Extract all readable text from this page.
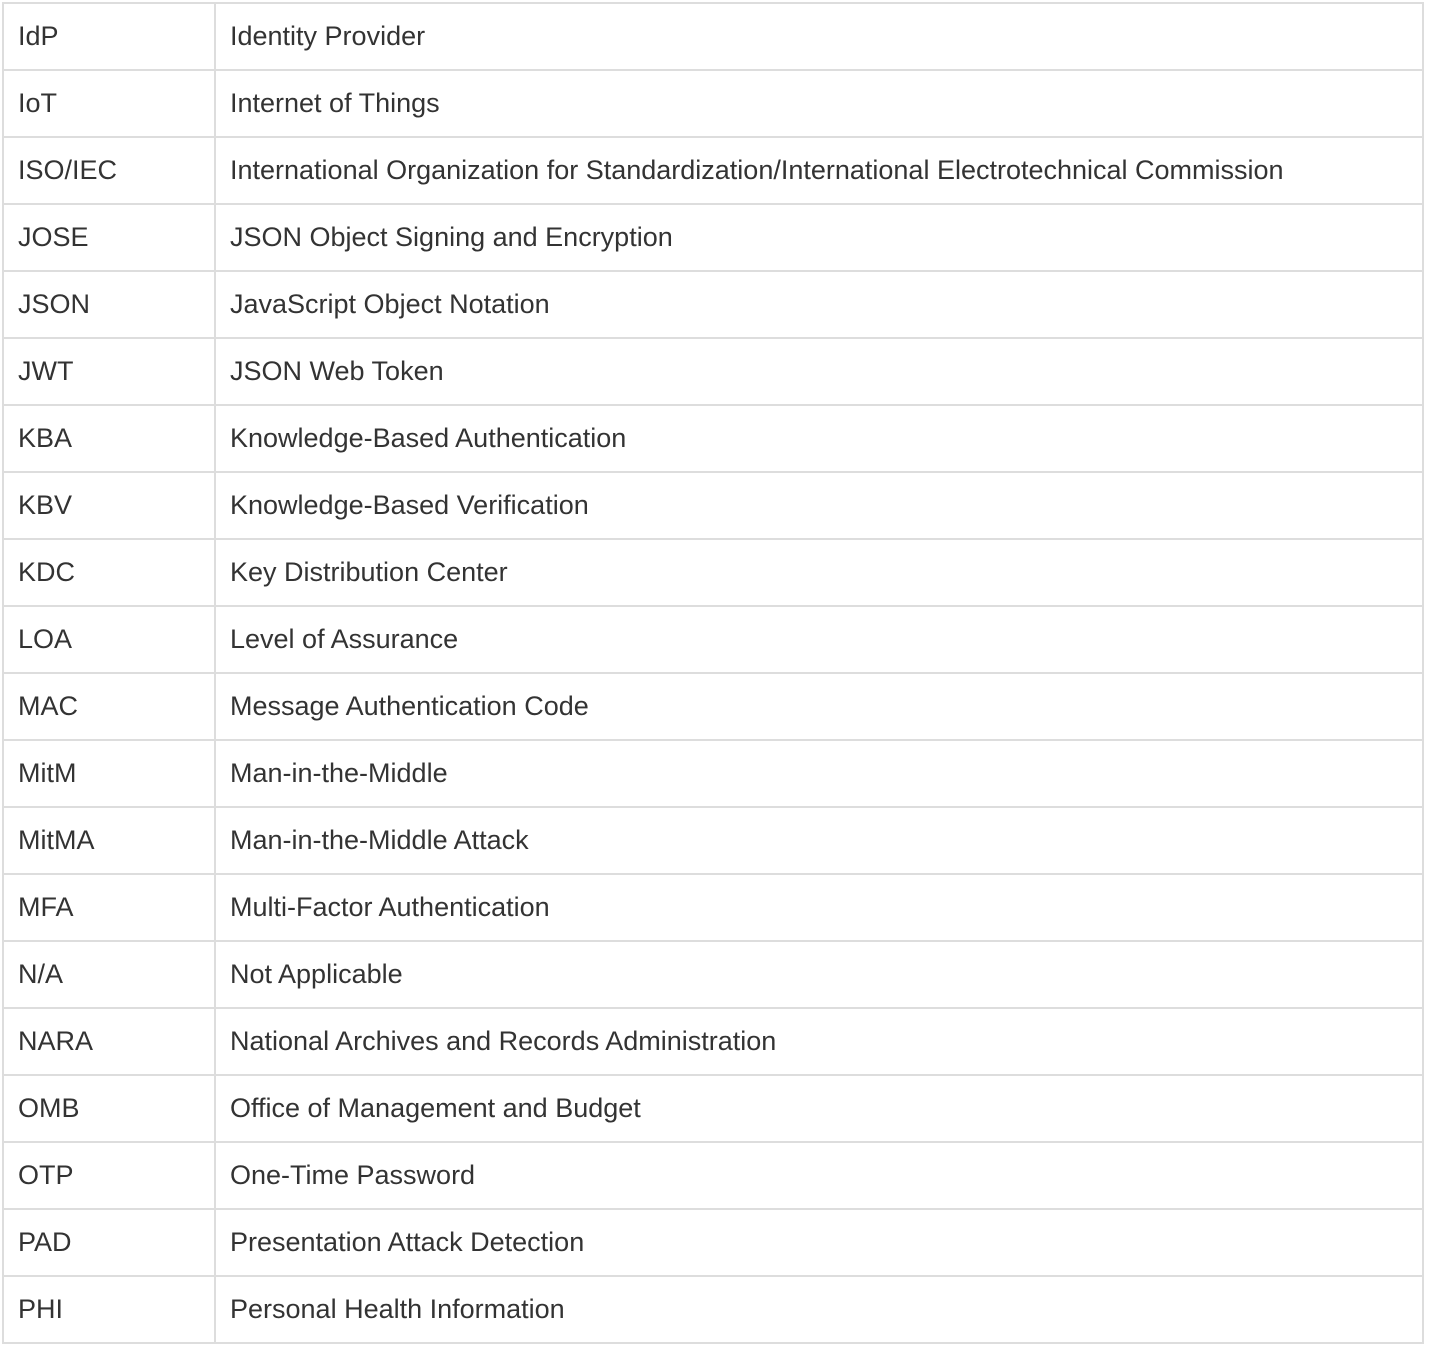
IdP	Identity Provider
IoT	Internet of Things
ISO/IEC	International Organization for Standardization/International Electrotechnical Commission
JOSE	JSON Object Signing and Encryption
JSON	JavaScript Object Notation
JWT	JSON Web Token
KBA	Knowledge-Based Authentication
KBV	Knowledge-Based Verification
KDC	Key Distribution Center
LOA	Level of Assurance
MAC	Message Authentication Code
MitM	Man-in-the-Middle
MitMA	Man-in-the-Middle Attack
MFA	Multi-Factor Authentication
N/A	Not Applicable
NARA	National Archives and Records Administration
OMB	Office of Management and Budget
OTP	One-Time Password
PAD	Presentation Attack Detection
PHI	Personal Health Information
